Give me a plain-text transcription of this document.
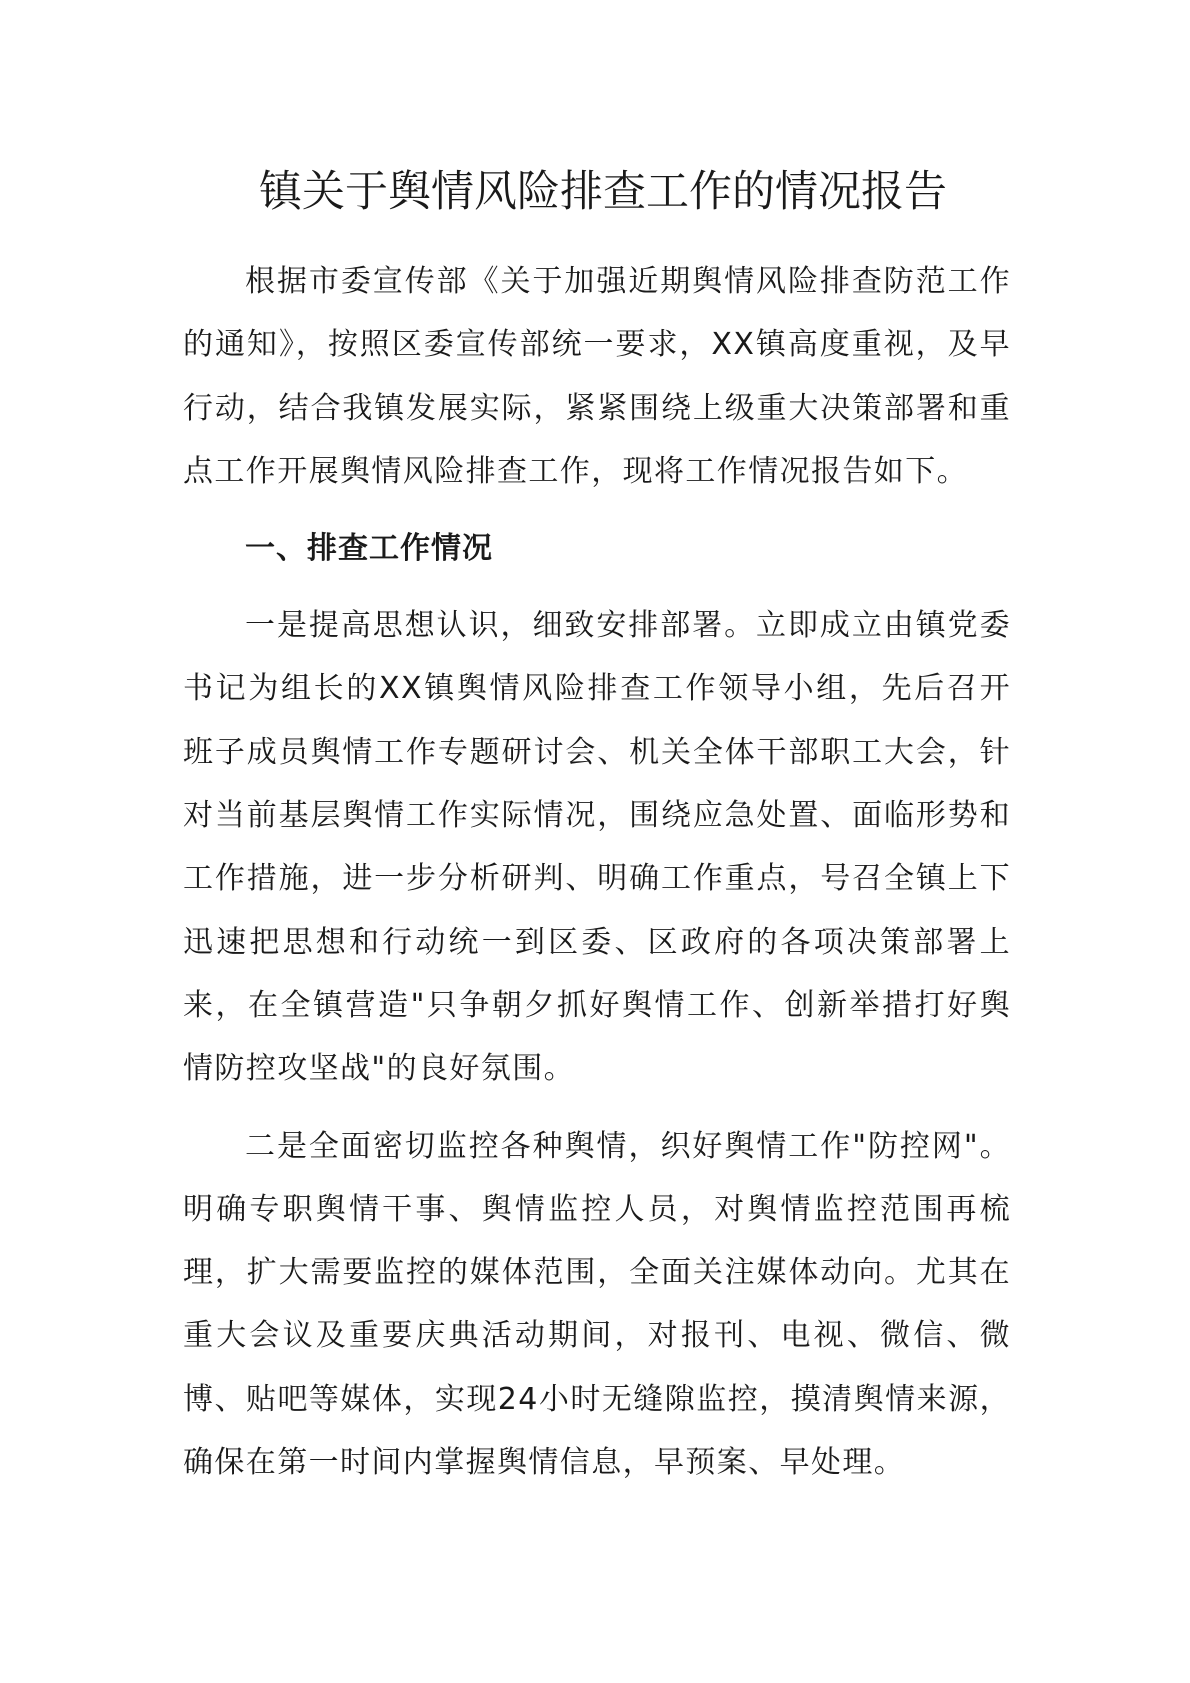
镇关于舆情风险排查工作的情况报告

根据市委宣传部《关于加强近期舆情风险排查防范工作的通知》，按照区委宣传部统一要求，XX镇高度重视，及早行动，结合我镇发展实际，紧紧围绕上级重大决策部署和重点工作开展舆情风险排查工作，现将工作情况报告如下。

一、排查工作情况

一是提高思想认识，细致安排部署。立即成立由镇党委书记为组长的XX镇舆情风险排查工作领导小组，先后召开班子成员舆情工作专题研讨会、机关全体干部职工大会，针对当前基层舆情工作实际情况，围绕应急处置、面临形势和工作措施，进一步分析研判、明确工作重点，号召全镇上下迅速把思想和行动统一到区委、区政府的各项决策部署上来，在全镇营造"只争朝夕抓好舆情工作、创新举措打好舆情防控攻坚战"的良好氛围。

二是全面密切监控各种舆情，织好舆情工作"防控网"。明确专职舆情干事、舆情监控人员，对舆情监控范围再梳理，扩大需要监控的媒体范围，全面关注媒体动向。尤其在重大会议及重要庆典活动期间，对报刊、电视、微信、微博、贴吧等媒体，实现24小时无缝隙监控，摸清舆情来源，确保在第一时间内掌握舆情信息，早预案、早处理。
